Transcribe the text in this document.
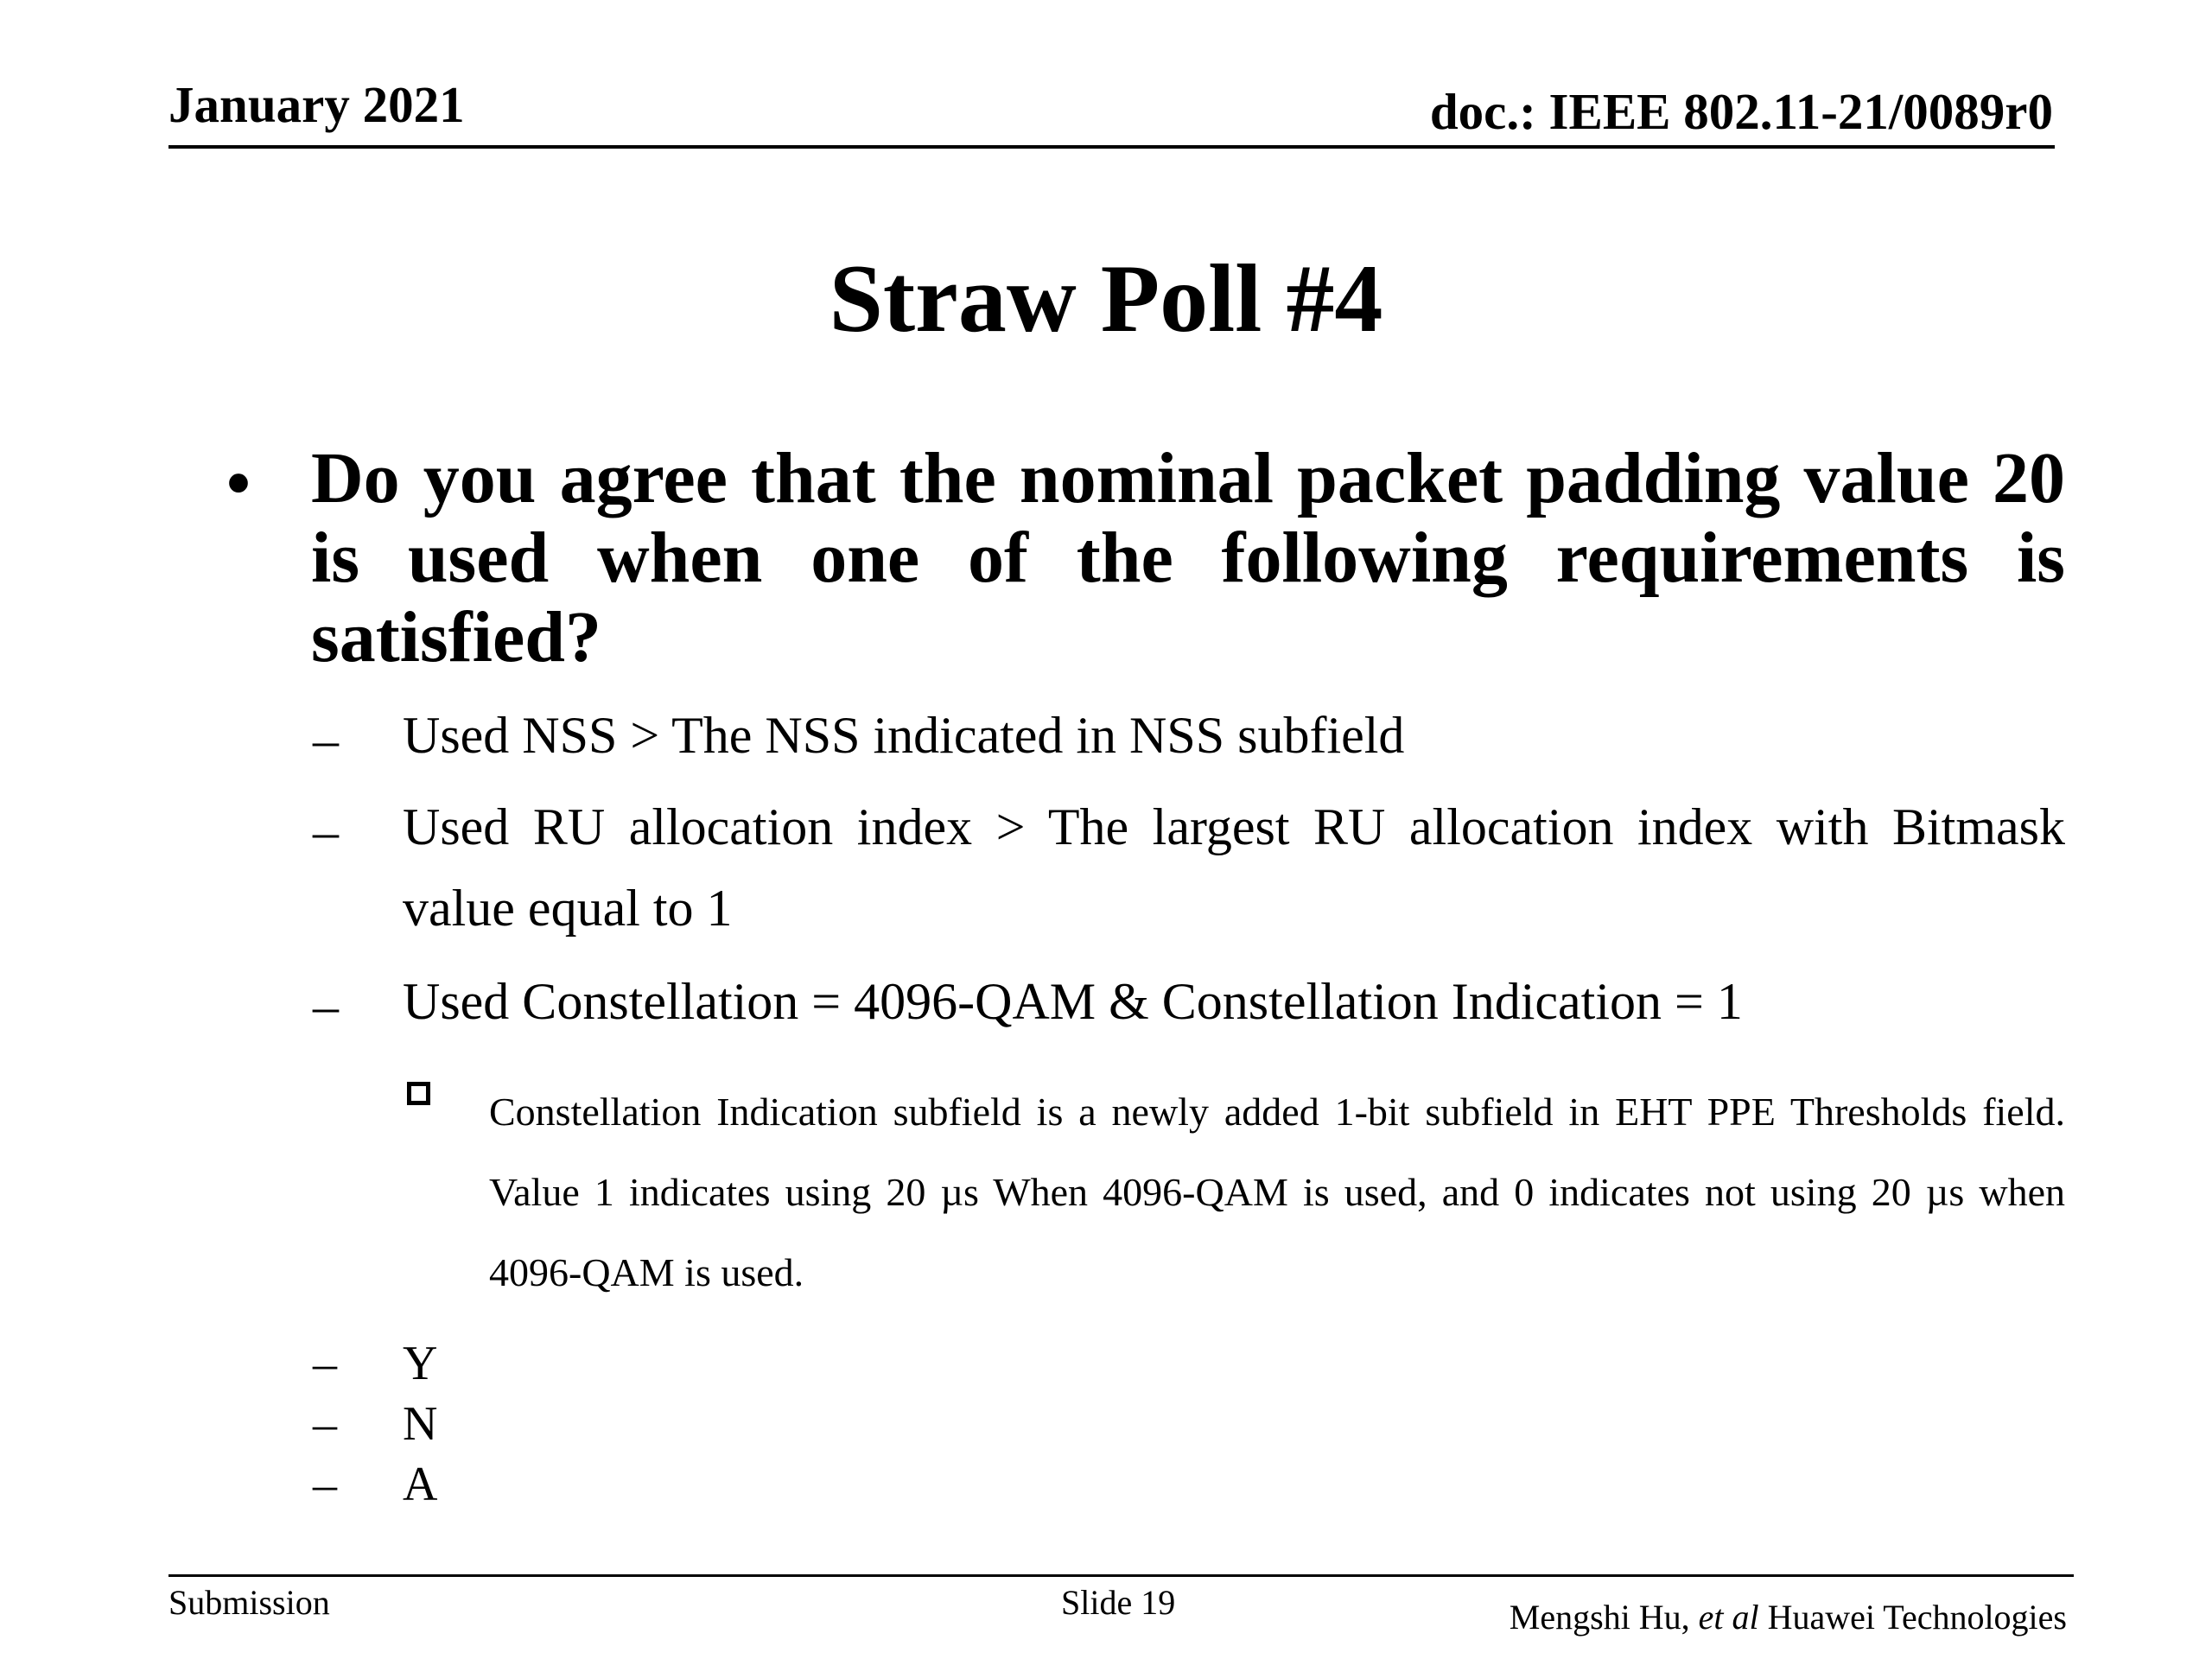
January 2021	doc.: IEEE 802.11-21/0089r0
Straw Poll #4
• Do you agree that the nominal packet padding value 20 is used when one of the following requirements is satisfied?
– Used NSS > The NSS indicated in NSS subfield
– Used RU allocation index > The largest RU allocation index with Bitmask value equal to 1
– Used Constellation = 4096-QAM & Constellation Indication = 1
Constellation Indication subfield is a newly added 1-bit subfield in EHT PPE Thresholds field. Value 1 indicates using 20 µs When 4096-QAM is used, and 0 indicates not using 20 µs when 4096-QAM is used.
– Y
– N
– A
Submission	Slide 19	Mengshi Hu, et al Huawei Technologies
